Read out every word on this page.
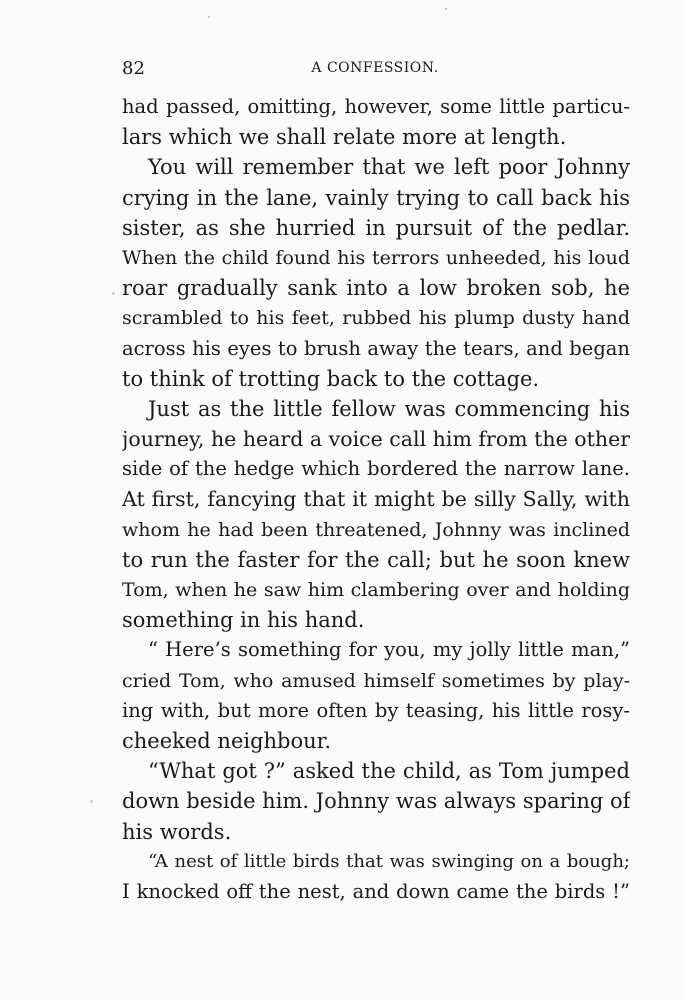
82	A CONFESSION.
had passed, omitting, however, some little particu-
lars which we shall relate more at length.
You will remember that we left poor Johnny
crying in the lane, vainly trying to call back his
sister, as she hurried in pursuit of the pedlar.
When the child found his terrors unheeded, his loud
roar gradually sank into a low broken sob, he
scrambled to his feet, rubbed his plump dusty hand
across his eyes to brush away the tears, and began
to think of trotting back to the cottage.
Just as the little fellow was commencing his
journey, he heard a voice call him from the other
side of the hedge which bordered the narrow lane.
At first, fancying that it might be silly Sally, with
whom he had been threatened, Johnny was inclined
to run the faster for the call; but he soon knew
Tom, when he saw him clambering over and holding
something in his hand.
“ Here’s something for you, my jolly little man,”
cried Tom, who amused himself sometimes by play-
ing with, but more often by teasing, his little rosy-
cheeked neighbour.
“What got ?” asked the child, as Tom jumped
down beside him. Johnny was always sparing of
his words.
“A nest of little birds that was swinging on a bough;
I knocked off the nest, and down came the birds !”
